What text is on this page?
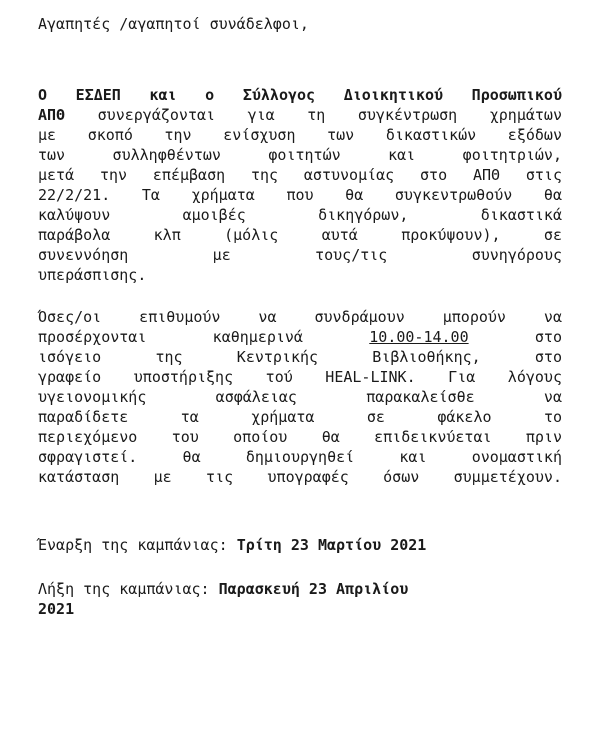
Αγαπητές /αγαπητοί συνάδελφοι,
Ο ΕΣΔΕΠ και ο Σύλλογος Διοικητικού Προσωπικού
ΑΠΘ συνεργάζονται για τη συγκέντρωση χρημάτων
με σκοπό την ενίσχυση των δικαστικών εξόδων
των συλληφθέντων φοιτητών και φοιτητριών,
μετά την επέμβαση της αστυνομίας στο ΑΠΘ στις
22/2/21. Τα χρήματα που θα συγκεντρωθούν θα
καλύψουν αμοιβές δικηγόρων, δικαστικά
παράβολα κλπ (μόλις αυτά προκύψουν), σε
συνεννόηση με τους/τις συνηγόρους
υπεράσπισης.
Όσες/οι επιθυμούν να συνδράμουν μπορούν να
προσέρχονται καθημερινά 10.00-14.00 στο
ισόγειο της Κεντρικής Βιβλιοθήκης, στο
γραφείο υποστήριξης τού HEAL-LINK. Για λόγους
υγειονομικής ασφάλειας παρακαλείσθε να
παραδίδετε τα χρήματα σε φάκελο το
περιεχόμενο του οποίου θα επιδεικνύεται πριν
σφραγιστεί. θα δημιουργηθεί και ονομαστική
κατάσταση με τις υπογραφές όσων συμμετέχουν.
Έναρξη της καμπάνιας: Τρίτη 23 Μαρτίου 2021
Λήξη της καμπάνιας: Παρασκευή 23 Απριλίου
2021
